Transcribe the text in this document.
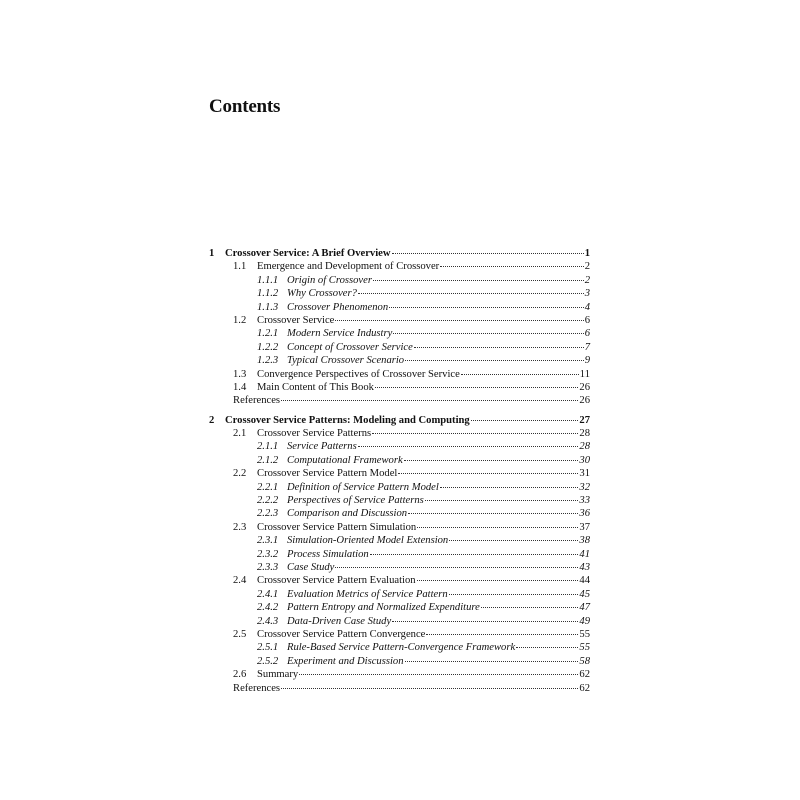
Contents
1	Crossover Service: A Brief Overview	1
1.1	Emergence and Development of Crossover	2
1.1.1 Origin of Crossover	2
1.1.2 Why Crossover?	3
1.1.3 Crossover Phenomenon	4
1.2	Crossover Service	6
1.2.1 Modern Service Industry	6
1.2.2 Concept of Crossover Service	7
1.2.3 Typical Crossover Scenario	9
1.3	Convergence Perspectives of Crossover Service	11
1.4	Main Content of This Book	26
References	26
2	Crossover Service Patterns: Modeling and Computing	27
2.1	Crossover Service Patterns	28
2.1.1 Service Patterns	28
2.1.2 Computational Framework	30
2.2	Crossover Service Pattern Model	31
2.2.1 Definition of Service Pattern Model	32
2.2.2 Perspectives of Service Patterns	33
2.2.3 Comparison and Discussion	36
2.3	Crossover Service Pattern Simulation	37
2.3.1 Simulation-Oriented Model Extension	38
2.3.2 Process Simulation	41
2.3.3 Case Study	43
2.4	Crossover Service Pattern Evaluation	44
2.4.1 Evaluation Metrics of Service Pattern	45
2.4.2 Pattern Entropy and Normalized Expenditure	47
2.4.3 Data-Driven Case Study	49
2.5	Crossover Service Pattern Convergence	55
2.5.1 Rule-Based Service Pattern-Convergence Framework	55
2.5.2 Experiment and Discussion	58
2.6	Summary	62
References	62
